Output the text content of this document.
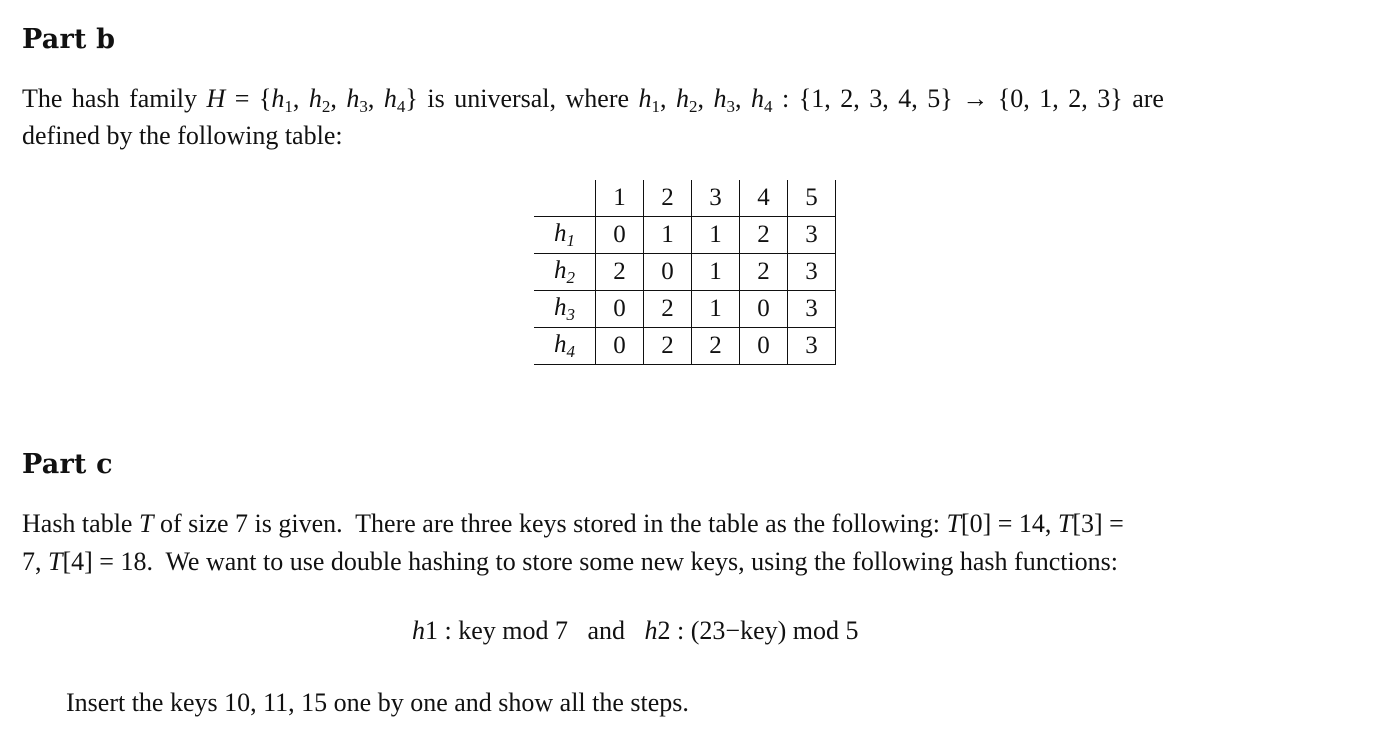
Part b
The hash family $H = \{h_1$, $h_2$, $h_3$, $h_4$} is universal, where $h_1$, $h_2$, $h_3$, $h_4$ : {1, 2, 3, 4, 5} → {0, 1, 2, 3} are
defined by the following table:
	1	2	3	4	5
$h_1$	0	1	1	2	3
$h_2$	2	0	1	2	3
$h_3$	0	2	1	0	3
$h_4$	0	2	2	0	3
Part c
Hash table T of size 7 is given.  There are three keys stored in the table as the following: T[0] = 14, T[3] =
7, T[4] = 18.  We want to use double hashing to store some new keys, using the following hash functions:
h1 : key mod 7   and   h2 : (23−key) mod 5
Insert the keys 10, 11, 15 one by one and show all the steps.
